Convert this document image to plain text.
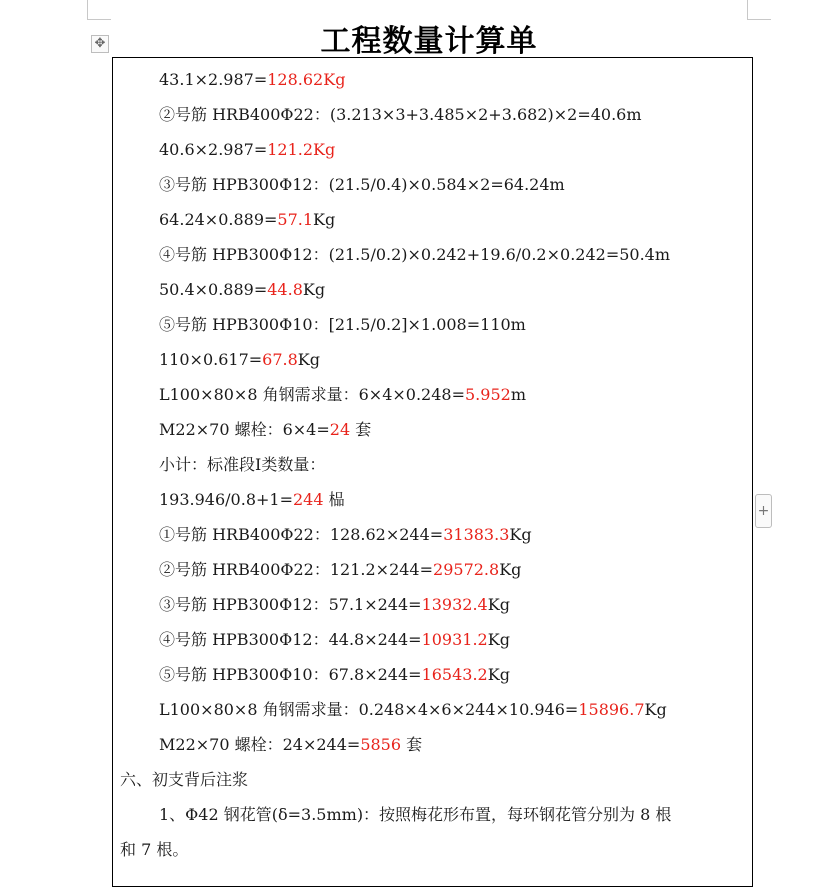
✥	工程数量计算单
43.1×2.987=128.62Kg
②号筋 HRB400Φ22：(3.213×3+3.485×2+3.682)×2=40.6m
40.6×2.987=121.2Kg
③号筋 HPB300Φ12：(21.5/0.4)×0.584×2=64.24m
64.24×0.889=57.1Kg
④号筋 HPB300Φ12：(21.5/0.2)×0.242+19.6/0.2×0.242=50.4m
50.4×0.889=44.8Kg
⑤号筋 HPB300Φ10：[21.5/0.2]×1.008=110m
110×0.617=67.8Kg
L100×80×8 角钢需求量：6×4×0.248=5.952m
M22×70 螺栓：6×4=24 套
小计：标准段Ⅰ类数量：
193.946/0.8+1=244 榀
①号筋 HRB400Φ22：128.62×244=31383.3Kg
②号筋 HRB400Φ22：121.2×244=29572.8Kg
③号筋 HPB300Φ12：57.1×244=13932.4Kg
④号筋 HPB300Φ12：44.8×244=10931.2Kg
⑤号筋 HPB300Φ10：67.8×244=16543.2Kg
L100×80×8 角钢需求量：0.248×4×6×244×10.946=15896.7Kg
M22×70 螺栓：24×244=5856 套
六、初支背后注浆
1、Φ42 钢花管(δ=3.5mm)：按照梅花形布置，每环钢花管分别为 8 根
和 7 根。
+
